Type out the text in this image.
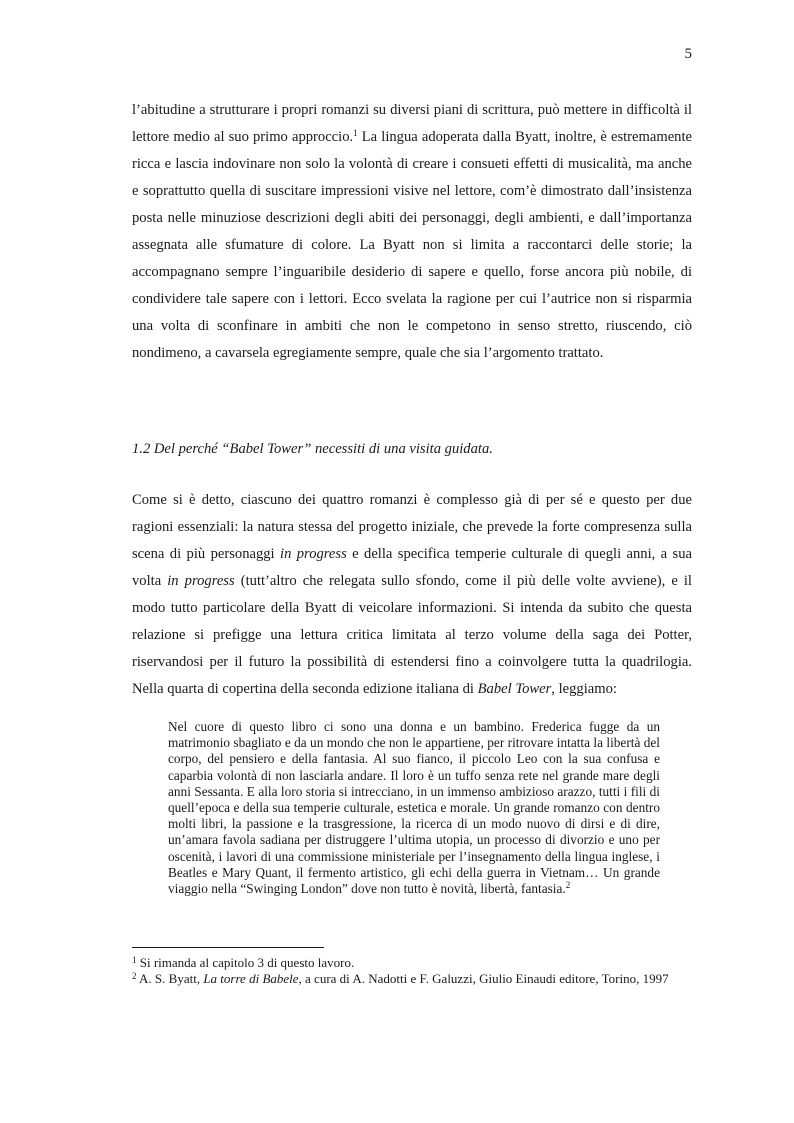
5

l’abitudine a strutturare i propri romanzi su diversi piani di scrittura, può mettere in difficoltà il lettore medio al suo primo approccio.$^1$ La lingua adoperata dalla Byatt, inoltre, è estremamente ricca e lascia indovinare non solo la volontà di creare i consueti effetti di musicalità, ma anche e soprattutto quella di suscitare impressioni visive nel lettore, com’è dimostrato dall’insistenza posta nelle minuziose descrizioni degli abiti dei personaggi, degli ambienti, e dall’importanza assegnata alle sfumature di colore. La Byatt non si limita a raccontarci delle storie; la accompagnano sempre l’inguaribile desiderio di sapere e quello, forse ancora più nobile, di condividere tale sapere con i lettori. Ecco svelata la ragione per cui l’autrice non si risparmia una volta di sconfinare in ambiti che non le competono in senso stretto, riuscendo, ciò nondimeno, a cavarsela egregiamente sempre, quale che sia l’argomento trattato.

1.2 Del perché “Babel Tower” necessiti di una visita guidata.

Come si è detto, ciascuno dei quattro romanzi è complesso già di per sé e questo per due ragioni essenziali: la natura stessa del progetto iniziale, che prevede la forte compresenza sulla scena di più personaggi in progress e della specifica temperie culturale di quegli anni, a sua volta in progress (tutt’altro che relegata sullo sfondo, come il più delle volte avviene), e il modo tutto particolare della Byatt di veicolare informazioni. Si intenda da subito che questa relazione si prefigge una lettura critica limitata al terzo volume della saga dei Potter, riservandosi per il futuro la possibilità di estendersi fino a coinvolgere tutta la quadrilogia. Nella quarta di copertina della seconda edizione italiana di Babel Tower, leggiamo:

Nel cuore di questo libro ci sono una donna e un bambino. Frederica fugge da un matrimonio sbagliato e da un mondo che non le appartiene, per ritrovare intatta la libertà del corpo, del pensiero e della fantasia. Al suo fianco, il piccolo Leo con la sua confusa e caparbia volontà di non lasciarla andare. Il loro è un tuffo senza rete nel grande mare degli anni Sessanta. E alla loro storia si intrecciano, in un immenso ambizioso arazzo, tutti i fili di quell’epoca e della sua temperie culturale, estetica e morale. Un grande romanzo con dentro molti libri, la passione e la trasgressione, la ricerca di un modo nuovo di dirsi e di dire, un’amara favola sadiana per distruggere l’ultima utopia, un processo di divorzio e uno per oscenità, i lavori di una commissione ministeriale per l’insegnamento della lingua inglese, i Beatles e Mary Quant, il fermento artistico, gli echi della guerra in Vietnam… Un grande viaggio nella “Swinging London” dove non tutto è novità, libertà, fantasia.$^2$

$^1$ Si rimanda al capitolo 3 di questo lavoro.

$^2$ A. S. Byatt, La torre di Babele, a cura di A. Nadotti e F. Galuzzi, Giulio Einaudi editore, Torino, 1997
